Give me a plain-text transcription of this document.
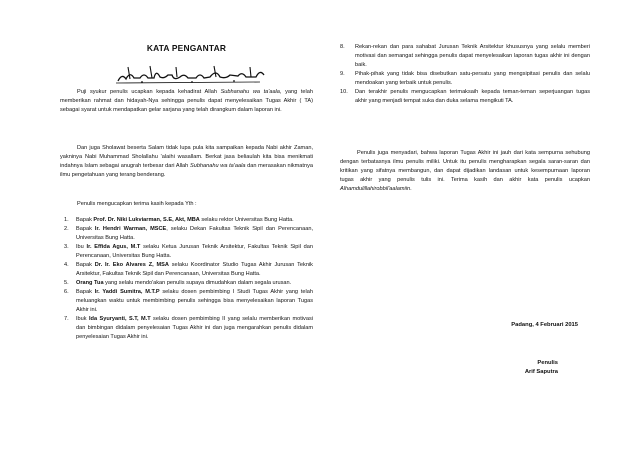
KATA PENGANTAR

Puji syukur penulis ucapkan kepada kehadirat Allah Subhanahu wa ta'aala, yang telah memberikan rahmat dan hidayah-Nya sehingga penulis dapat menyelesaikan Tugas Akhir ( TA) sebagai syarat untuk mendapatkan gelar sarjana yang telah dirangkum dalam laporan ini.

Dan juga Sholawat beserta Salam tidak lupa pula kita sampaikan kepada Nabi akhir Zaman, yakninya Nabi Muhammad Sholallahu 'alaihi wasallam. Berkat jasa beliaulah kita bisa menikmati indahnya Islam sebagai anugrah terbesar dari Allah Subhanahu wa ta'aala dan merasakan nikmatnya ilmu pengetahuan yang terang benderang.

Penulis mengucapkan terima kasih kepada Yth :

1. Bapak Prof. Dr. Niki Lukviarman, S.E, Akt, MBA selaku rektor Universitas Bung Hatta.
2. Bapak Ir. Hendri Warman, MSCE, selaku Dekan Fakultas Teknik Sipil dan Perencanaan, Universitas Bung Hatta.
3. Ibu Ir. Effida Agus, M.T selaku Ketua Jurusan Teknik Arsitektur, Fakultas Teknik Sipil dan Perencanaan, Universitas Bung Hatta.
4. Bapak Dr. Ir. Eko Alvares Z, MSA selaku Koordinator Studio Tugas Akhir Jurusan Teknik Arsitektur, Fakultas Teknik Sipil dan Perencanaan, Universitas Bung Hatta.
5. Orang Tua yang selalu mendo'akan penulis supaya dimudahkan dalam segala urusan.
6. Bapak Ir. Yaddi Sumitra, M.T.P selaku dosen pembimbing I Studi Tugas Akhir yang telah meluangkan waktu untuk membimbing penulis sehingga bisa menyelesaikan laporan Tugas Akhir ini.
7. Ibuk Ida Syuryanti, S.T, M.T selaku dosen pembimbing II yang selalu memberikan motivasi dan bimbingan didalam penyelesaian Tugas Akhir ini dan juga mengarahkan penulis didalam penyelesaian Tugas Akhir ini.
8. Rekan-rekan dan para sahabat Jurusan Teknik Arsitektur khususnya yang selalu memberi motivasi dan semangat sehingga penulis dapat menyelesaikan laporan tugas akhir ini dengan baik.
9. Pihak-pihak yang tidak bisa disebutkan satu-persatu yang mengsipitasi penulis dan selalu mendoakan yang terbaik untuk penulis.
10. Dan terakhir penulis mengucapkan terimaksaih kepada teman-teman seperjuangan tugas akhir yang menjadi tempat suka dan duka selama mengikuti TA.

Penulis juga menyadari, bahwa laporan Tugas Akhir ini jauh dari kata sempurna sehubung dengan terbatasnya ilmu penulis miliki. Untuk itu penulis mengharapkan segala saran-saran dan kritikan yang sifatnya membangun, dan dapat dijadikan landasan untuk kesempurnaan laporan tugas akhir yang penulis tulis ini. Terima kasih dan akhir kata penulis ucapkan Alhamdulillahirobbil'aalamiin.

Padang, 4 Februari 2015
Penulis
Arif Saputra
